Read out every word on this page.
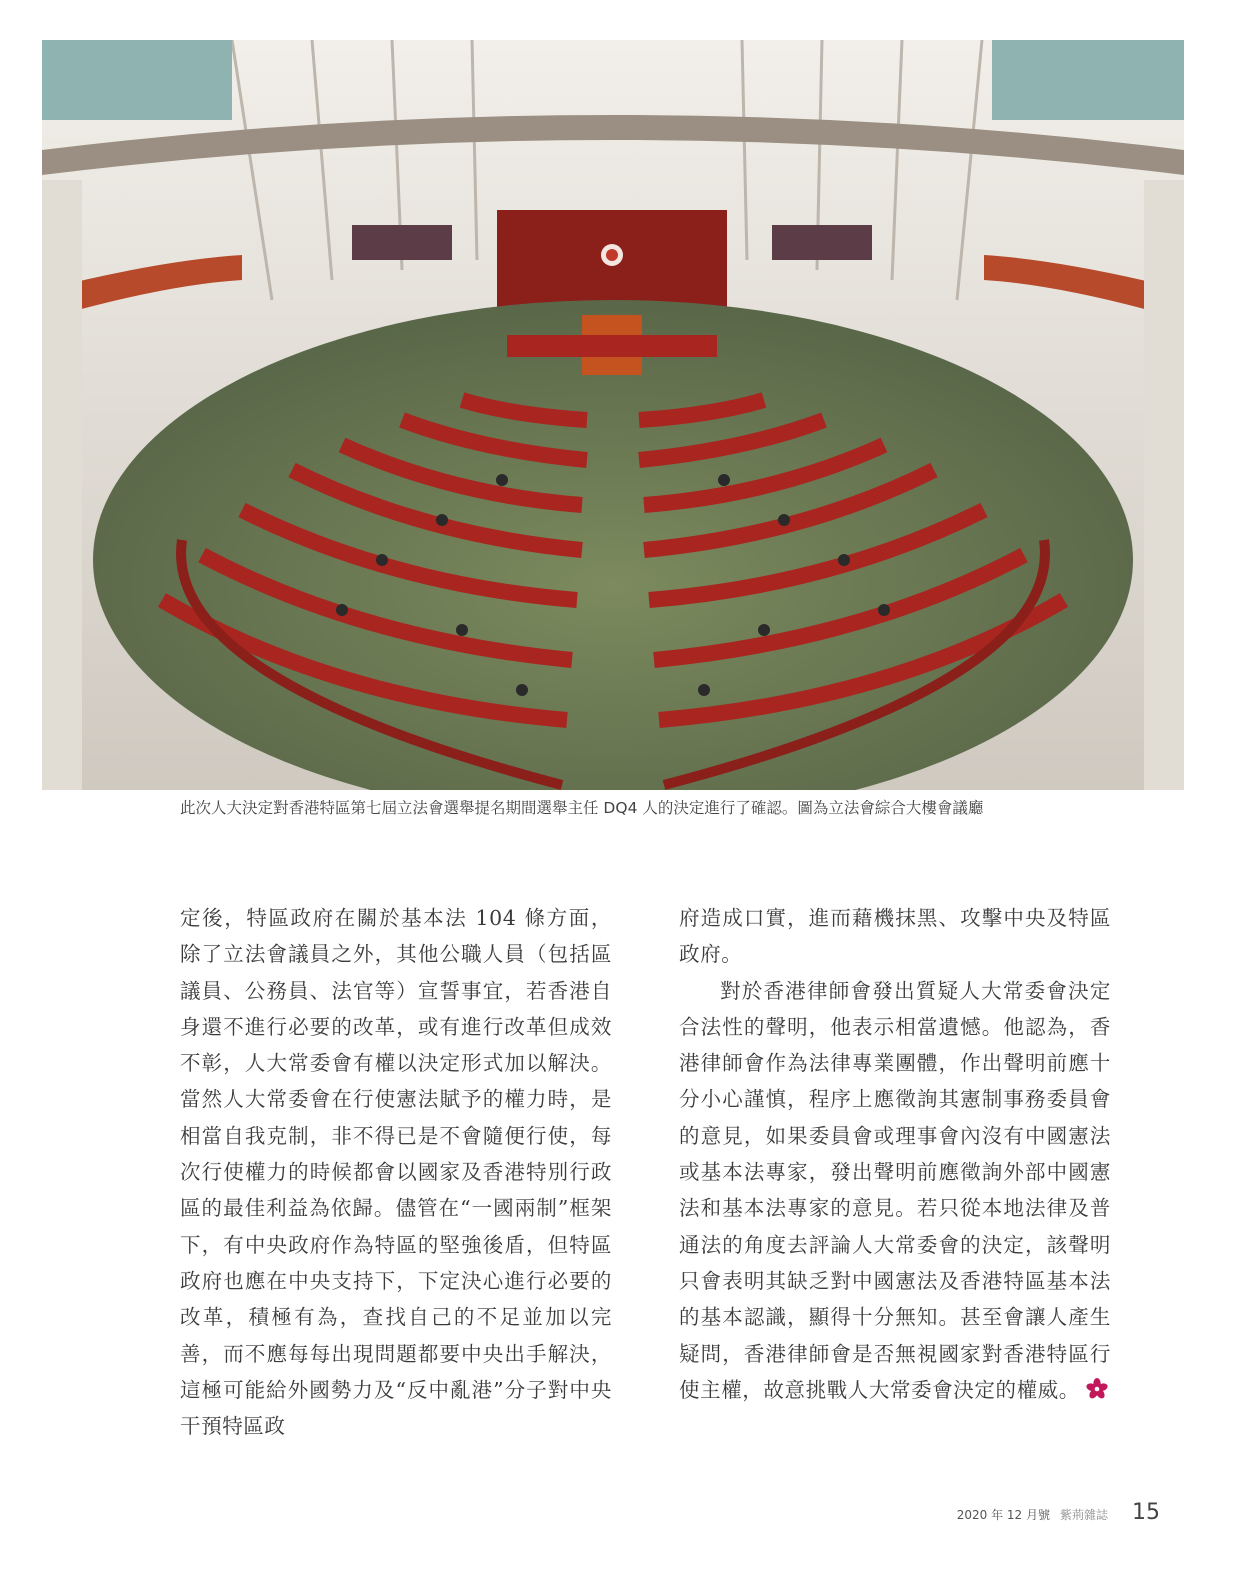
此次人大決定對香港特區第七屆立法會選舉提名期間選舉主任 DQ4 人的決定進行了確認。圖為立法會綜合大樓會議廳

定後，特區政府在關於基本法 104 條方面，除了立法會議員之外，其他公職人員（包括區議員、公務員、法官等）宣誓事宜，若香港自身還不進行必要的改革，或有進行改革但成效不彰，人大常委會有權以決定形式加以解決。當然人大常委會在行使憲法賦予的權力時，是相當自我克制，非不得已是不會隨便行使，每次行使權力的時候都會以國家及香港特別行政區的最佳利益為依歸。儘管在“一國兩制”框架下，有中央政府作為特區的堅強後盾，但特區政府也應在中央支持下，下定決心進行必要的改革，積極有為，查找自己的不足並加以完善，而不應每每出現問題都要中央出手解決，這極可能給外國勢力及“反中亂港”分子對中央干預特區政

府造成口實，進而藉機抹黑、攻擊中央及特區政府。

對於香港律師會發出質疑人大常委會決定合法性的聲明，他表示相當遺憾。他認為，香港律師會作為法律專業團體，作出聲明前應十分小心謹慎，程序上應徵詢其憲制事務委員會的意見，如果委員會或理事會內沒有中國憲法或基本法專家，發出聲明前應徵詢外部中國憲法和基本法專家的意見。若只從本地法律及普通法的角度去評論人大常委會的決定，該聲明只會表明其缺乏對中國憲法及香港特區基本法的基本認識，顯得十分無知。甚至會讓人產生疑問，香港律師會是否無視國家對香港特區行使主權，故意挑戰人大常委會決定的權威。

2020 年 12 月號 紫荊雜誌 15
